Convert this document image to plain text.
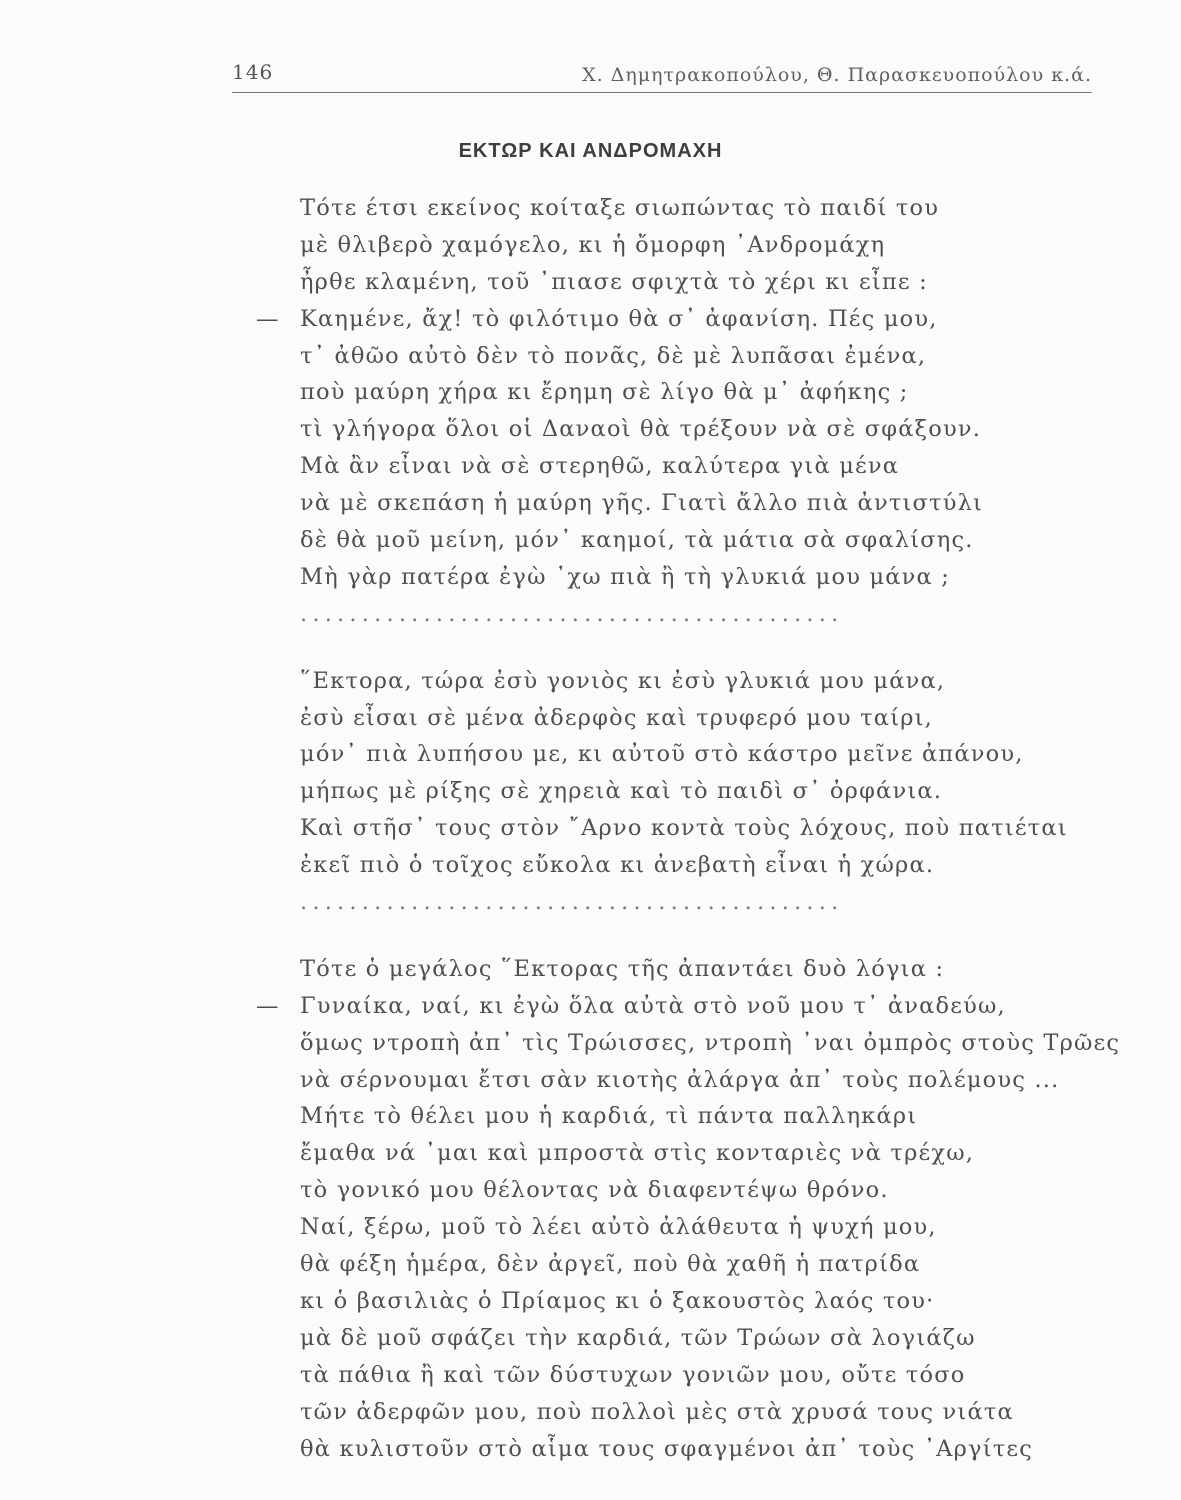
146	Χ. Δημητρακοπούλου, Θ. Παρασκευοπούλου κ.ά.
ΕΚΤΩΡ ΚΑΙ ΑΝΔΡΟΜΑΧΗ
Τότε έτσι εκείνος κοίταξε σιωπώντας τὸ παιδί του
μὲ θλιβερὸ χαμόγελο, κι ἡ ὄμορφη ᾿Ανδρομάχη
ἦρθε κλαμένη, τοῦ ᾿πιασε σφιχτὰ τὸ χέρι κι εἶπε :
— Καημένε, ἄχ! τὸ φιλότιμο θὰ σ᾿ ἀφανίση. Πές μου,
τ᾿ ἀθῶο αὐτὸ δὲν τὸ πονᾶς, δὲ μὲ λυπᾶσαι ἐμένα,
ποὺ μαύρη χήρα κι ἔρημη σὲ λίγο θὰ μ᾿ ἀφήκης ;
τὶ γλήγορα ὅλοι οἱ Δαναοὶ θὰ τρέξουν νὰ σὲ σφάξουν.
Μὰ ἂν εἶναι νὰ σὲ στερηθῶ, καλύτερα γιὰ μένα
νὰ μὲ σκεπάση ἡ μαύρη γῆς. Γιατὶ ἄλλο πιὰ ἀντιστύλι
δὲ θὰ μοῦ μείνη, μόν᾿ καημοί, τὰ μάτια σὰ σφαλίσης.
Μὴ γὰρ πατέρα ἐγὼ ᾿χω πιὰ ἢ τὴ γλυκιά μου μάνα ;
............................................
῞Εκτορα, τώρα ἐσὺ γονιὸς κι ἐσὺ γλυκιά μου μάνα,
ἐσὺ εἶσαι σὲ μένα ἀδερφὸς καὶ τρυφερό μου ταίρι,
μόν᾿ πιὰ λυπήσου με, κι αὐτοῦ στὸ κάστρο μεῖνε ἀπάνου,
μήπως μὲ ρίξης σὲ χηρειὰ καὶ τὸ παιδὶ σ᾿ ὀρφάνια.
Καὶ στῆσ᾿ τους στὸν ῎Αρνο κοντὰ τοὺς λόχους, ποὺ πατιέται
ἐκεῖ πιὸ ὁ τοῖχος εὔκολα κι ἀνεβατὴ εἶναι ἡ χώρα.
............................................
Τότε ὁ μεγάλος ῞Εκτορας τῆς ἀπαντάει δυὸ λόγια :
— Γυναίκα, ναί, κι ἐγὼ ὅλα αὐτὰ στὸ νοῦ μου τ᾿ ἀναδεύω,
ὅμως ντροπὴ ἀπ᾿ τὶς Τρώισσες, ντροπὴ ᾿ναι ὀμπρὸς στοὺς Τρῶες
νὰ σέρνουμαι ἔτσι σὰν κιοτὴς ἀλάργα ἀπ᾿ τοὺς πολέμους ...
Μήτε τὸ θέλει μου ἡ καρδιά, τὶ πάντα παλληκάρι
ἔμαθα νά ᾿μαι καὶ μπροστὰ στὶς κονταριὲς νὰ τρέχω,
τὸ γονικό μου θέλοντας νὰ διαφεντέψω θρόνο.
Ναί, ξέρω, μοῦ τὸ λέει αὐτὸ ἀλάθευτα ἡ ψυχή μου,
θὰ φέξη ἡμέρα, δὲν ἀργεῖ, ποὺ θὰ χαθῆ ἡ πατρίδα
κι ὁ βασιλιὰς ὁ Πρίαμος κι ὁ ξακουστὸς λαός του·
μὰ δὲ μοῦ σφάζει τὴν καρδιά, τῶν Τρώων σὰ λογιάζω
τὰ πάθια ἢ καὶ τῶν δύστυχων γονιῶν μου, οὔτε τόσο
τῶν ἀδερφῶν μου, ποὺ πολλοὶ μὲς στὰ χρυσά τους νιάτα
θὰ κυλιστοῦν στὸ αἷμα τους σφαγμένοι ἀπ᾿ τοὺς ᾿Αργίτες
